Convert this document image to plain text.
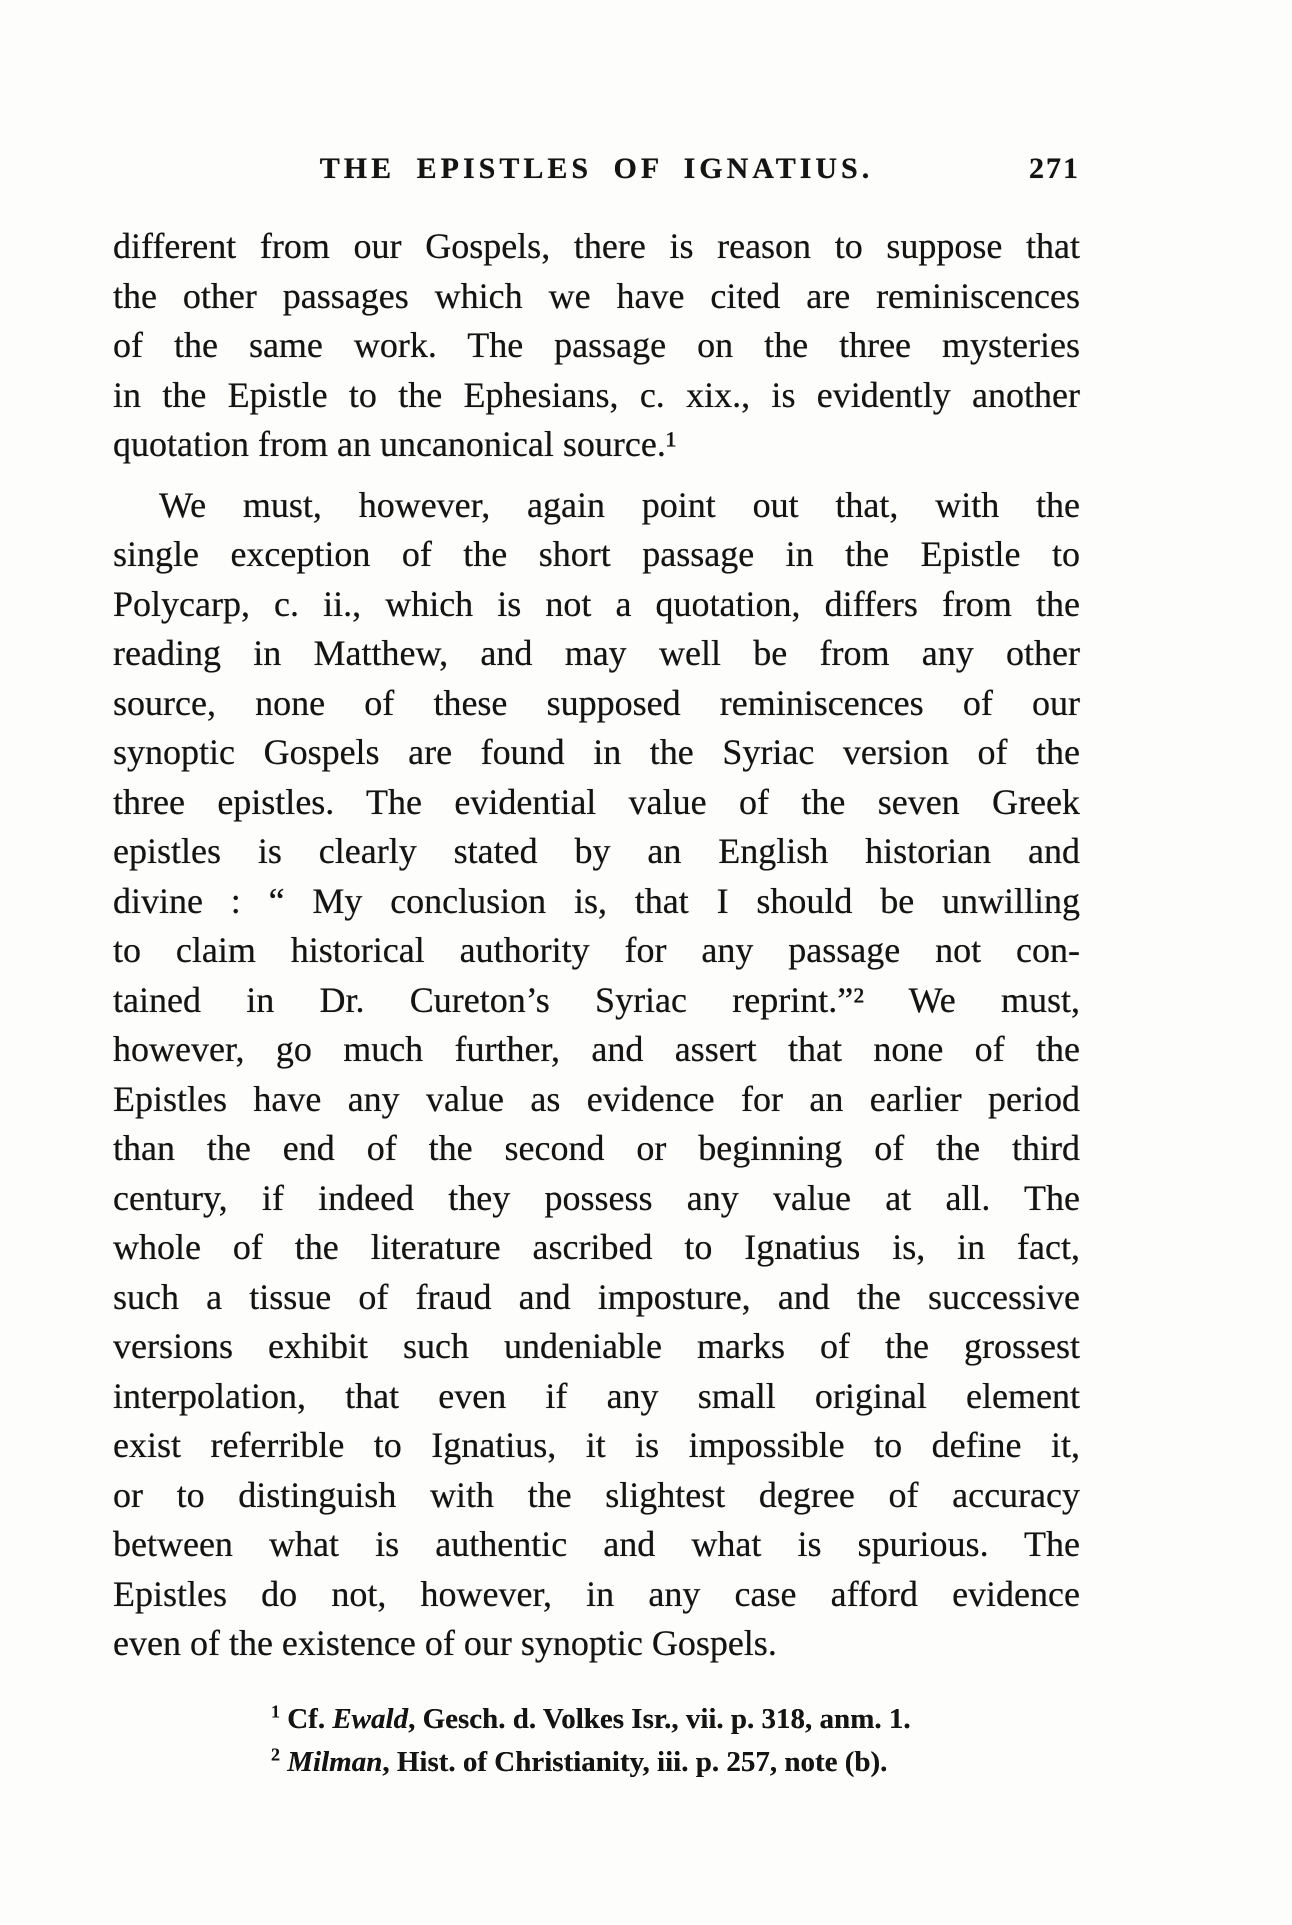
THE EPISTLES OF IGNATIUS.	271
different from our Gospels, there is reason to suppose that
the other passages which we have cited are reminiscences
of the same work. The passage on the three mysteries
in the Epistle to the Ephesians, c. xix., is evidently another
quotation from an uncanonical source.¹
We must, however, again point out that, with the
single exception of the short passage in the Epistle to
Polycarp, c. ii., which is not a quotation, differs from the
reading in Matthew, and may well be from any other
source, none of these supposed reminiscences of our
synoptic Gospels are found in the Syriac version of the
three epistles. The evidential value of the seven Greek
epistles is clearly stated by an English historian and
divine : “ My conclusion is, that I should be unwilling
to claim historical authority for any passage not con-
tained in Dr. Cureton’s Syriac reprint.”² We must,
however, go much further, and assert that none of the
Epistles have any value as evidence for an earlier period
than the end of the second or beginning of the third
century, if indeed they possess any value at all. The
whole of the literature ascribed to Ignatius is, in fact,
such a tissue of fraud and imposture, and the successive
versions exhibit such undeniable marks of the grossest
interpolation, that even if any small original element
exist referrible to Ignatius, it is impossible to define it,
or to distinguish with the slightest degree of accuracy
between what is authentic and what is spurious. The
Epistles do not, however, in any case afford evidence
even of the existence of our synoptic Gospels.
$^1$ Cf. Ewald, Gesch. d. Volkes Isr., vii. p. 318, anm. 1.
$^2$ Milman, Hist. of Christianity, iii. p. 257, note (b).
